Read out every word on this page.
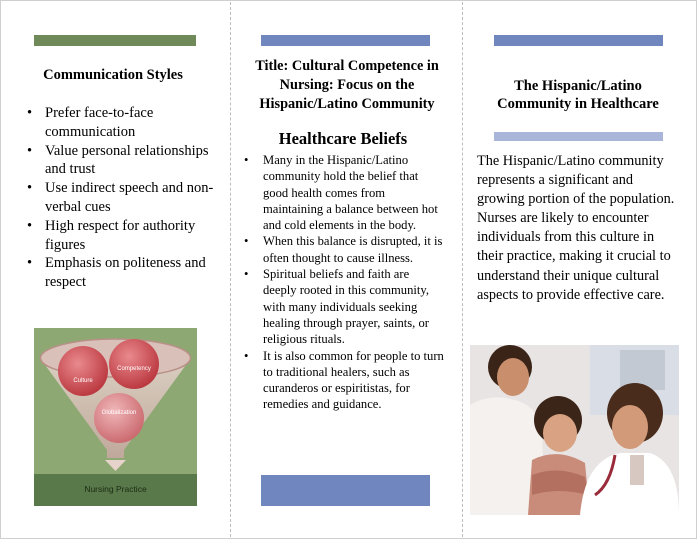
Communication Styles
• Prefer face-to-face communication
• Value personal relationships and trust
• Use indirect speech and non-verbal cues
• High respect for authority figures
• Emphasis on politeness and respect
Culture
Competency
Globalization
Nursing Practice
Title: Cultural Competence in Nursing: Focus on the Hispanic/Latino Community
Healthcare Beliefs
• Many in the Hispanic/Latino community hold the belief that good health comes from maintaining a balance between hot and cold elements in the body.
• When this balance is disrupted, it is often thought to cause illness.
• Spiritual beliefs and faith are deeply rooted in this community, with many individuals seeking healing through prayer, saints, or religious rituals.
• It is also common for people to turn to traditional healers, such as curanderos or espiritistas, for remedies and guidance.
The Hispanic/Latino Community in Healthcare
The Hispanic/Latino community represents a significant and growing portion of the population. Nurses are likely to encounter individuals from this culture in their practice, making it crucial to understand their unique cultural aspects to provide effective care.
